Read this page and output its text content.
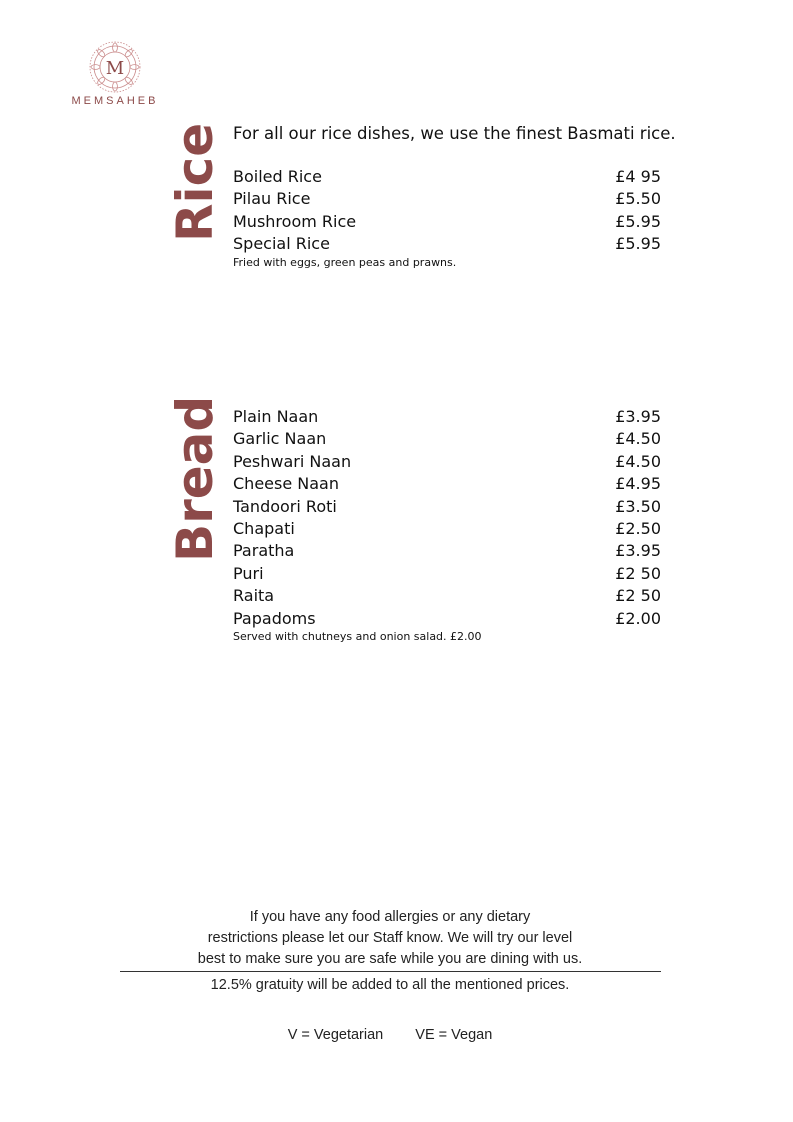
M
MEMSAHEB
Rice For all our rice dishes, we use the finest Basmati rice.
Boiled Rice	£4 95
Pilau Rice	£5.50
Mushroom Rice	£5.95
Special Rice	£5.95
Fried with eggs, green peas and prawns.
Bread Plain Naan	£3.95
Garlic Naan	£4.50
Peshwari Naan	£4.50
Cheese Naan	£4.95
Tandoori Roti	£3.50
Chapati	£2.50
Paratha	£3.95
Puri	£2 50
Raita	£2 50
Papadoms	£2.00
Served with chutneys and onion salad. £2.00
If you have any food allergies or any dietary
restrictions please let our Staff know. We will try our level
best to make sure you are safe while you are dining with us.
12.5% gratuity will be added to all the mentioned prices.
V = Vegetarian VE = Vegan
